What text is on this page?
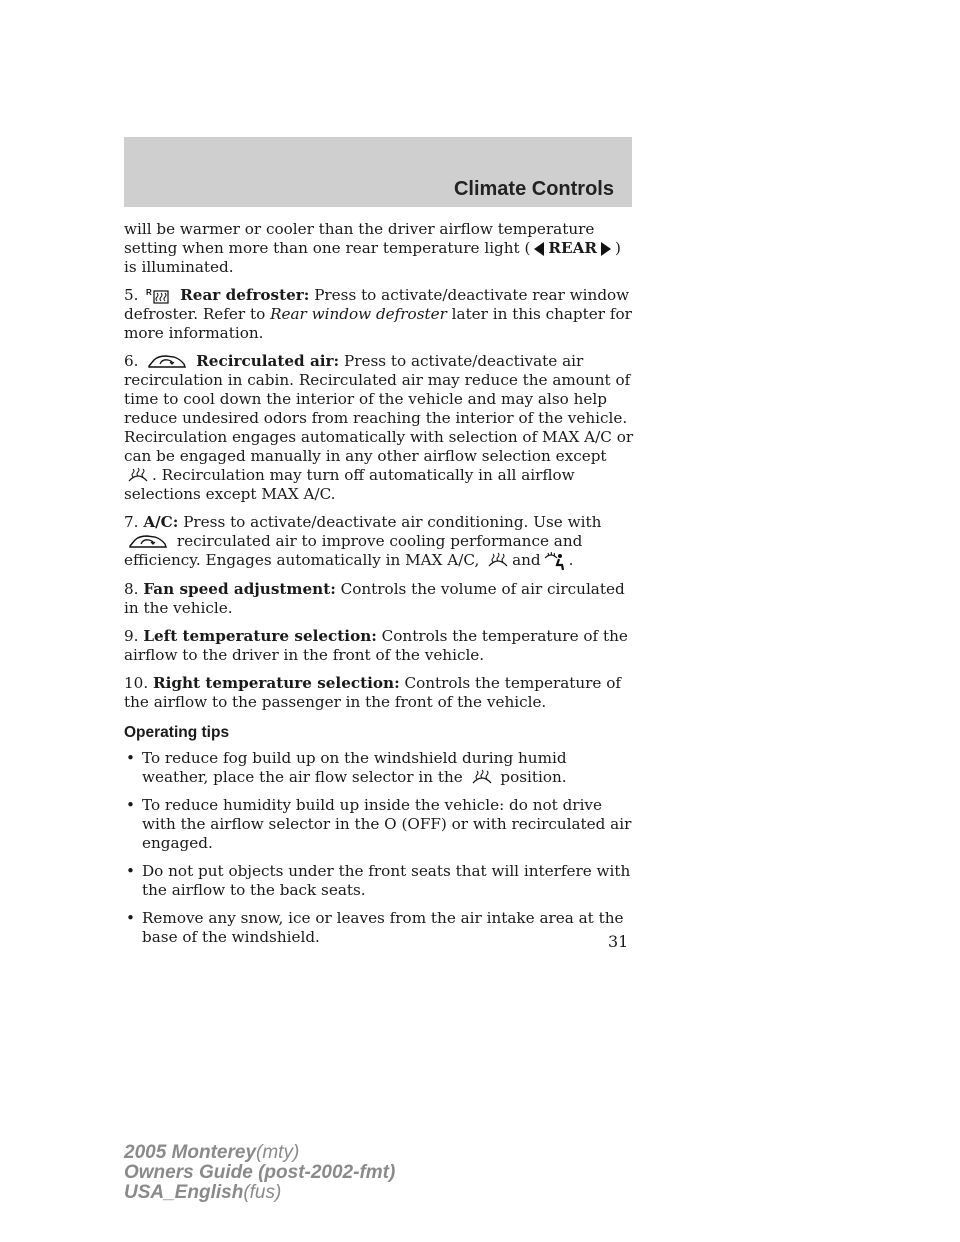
Climate Controls

will be warmer or cooler than the driver airflow temperature setting when more than one rear temperature light ( REAR ) is illuminated.

5. R Rear defroster: Press to activate/deactivate rear window defroster. Refer to Rear window defroster later in this chapter for more information.

6.	Recirculated air: Press to activate/deactivate air recirculation in cabin. Recirculated air may reduce the amount of time to cool down the interior of the vehicle and may also help reduce undesired odors from reaching the interior of the vehicle. Recirculation engages automatically with selection of MAX A/C or can be engaged manually in any other airflow selection except . Recirculation may turn off automatically in all airflow selections except MAX A/C.

7. A/C: Press to activate/deactivate air conditioning. Use with  recirculated air to improve cooling performance and efficiency. Engages automatically in MAX A/C, and .

8. Fan speed adjustment: Controls the volume of air circulated in the vehicle.

9. Left temperature selection: Controls the temperature of the airflow to the driver in the front of the vehicle.

10. Right temperature selection: Controls the temperature of the airflow to the passenger in the front of the vehicle.

Operating tips
• To reduce fog build up on the windshield during humid weather, place the air flow selector in the  position.
• To reduce humidity build up inside the vehicle: do not drive with the airflow selector in the O (OFF) or with recirculated air engaged.
• Do not put objects under the front seats that will interfere with the airflow to the back seats.
• Remove any snow, ice or leaves from the air intake area at the base of the windshield.	31
2005 Monterey(mty)
Owners Guide (post-2002-fmt)
USA_English(fus)
